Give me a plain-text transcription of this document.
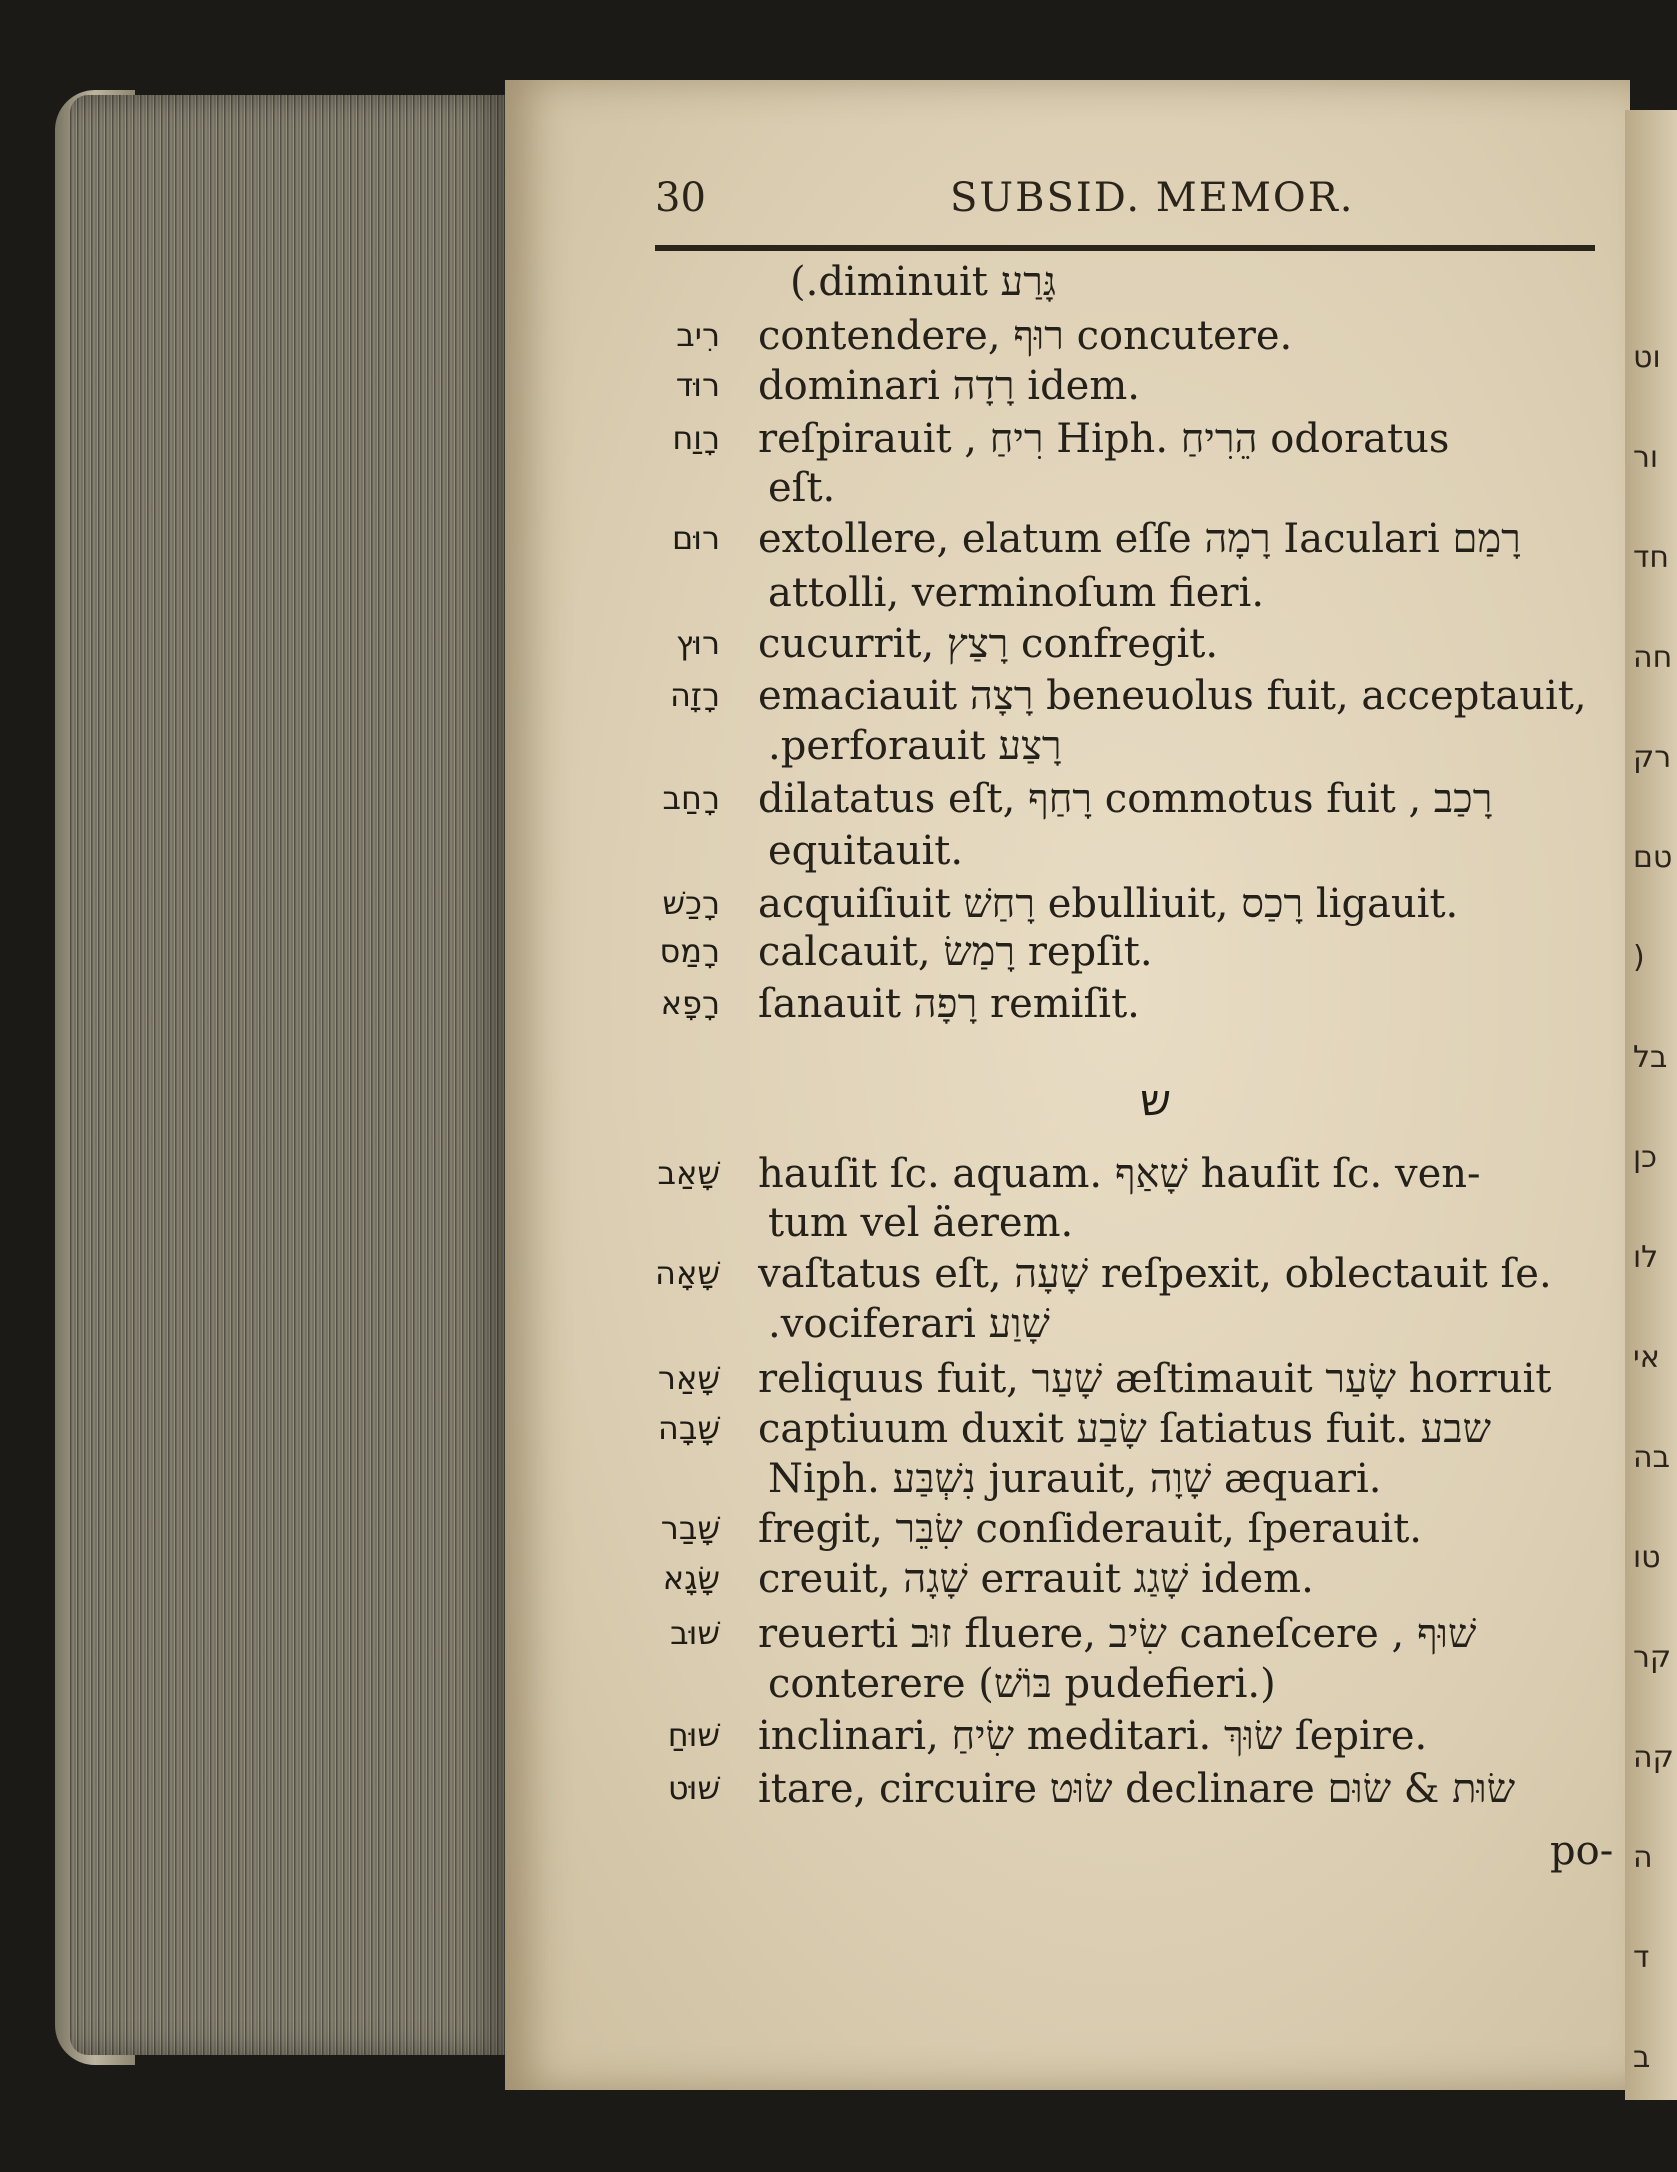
וט
ור
חד
חה
רק
טם
(
בל
כן
לו
אי
בה
טו
קר
קה
ה
ד
ב
30	SUBSID. MEMOR.
גָּרַע diminuit.)
רִיב contendere, רוּף concutere.
רוּד dominari רָדָה idem.
רָוַח reſpirauit , רִיחַ Hiph. הֵרִיחַ odoratus
eſt.
רוּם extollere, elatum eſſe רָמָה Iaculari רָמַם
attolli, verminoſum fieri.
רוּץ cucurrit, רָצַץ confregit.
רָזָה emaciauit רָצָה beneuolus fuit, acceptauit,
רָצַע perforauit.
רָחַב dilatatus eſt, רָחַף commotus fuit , רָכַב
equitauit.
רָכַשׁ acquiſiuit רָחַשׁ ebulliuit, רָכַס ligauit.
רָמַס calcauit, רָמַשׂ repſit.
רָפָא ſanauit רָפָה remiſit.
שָׁאַב hauſit ſc. aquam. שָׁאַף hauſit ſc. ven-
tum vel äerem.
שָׁאָה vaſtatus eſt, שָׁעָה reſpexit, oblectauit ſe.
שָׁוַע vociferari.
שָׁאַר reliquus fuit, שָׁעַר æſtimauit שָׂעַר horruit
שָׁבָה captiuum duxit שָׂבַע ſatiatus fuit. שבע
Niph. נִשְׁבַּע jurauit, שָׁוָה æquari.
שָׁבַר fregit, שִׂבֵּר conſiderauit, ſperauit.
שָׂגָא creuit, שָׁגָה errauit שָׁגַג idem.
שׁוּב reuerti זוּב fluere, שִׂיב caneſcere , שׁוּף
conterere (בּוֹשׁ pudefieri.)
שׁוּחַ inclinari, שִׂיחַ meditari. שׂוּךְ ſepire.
שׁוּט itare, circuire שׂוּט declinare שׂוּת & שׂוּם
ש
po-
